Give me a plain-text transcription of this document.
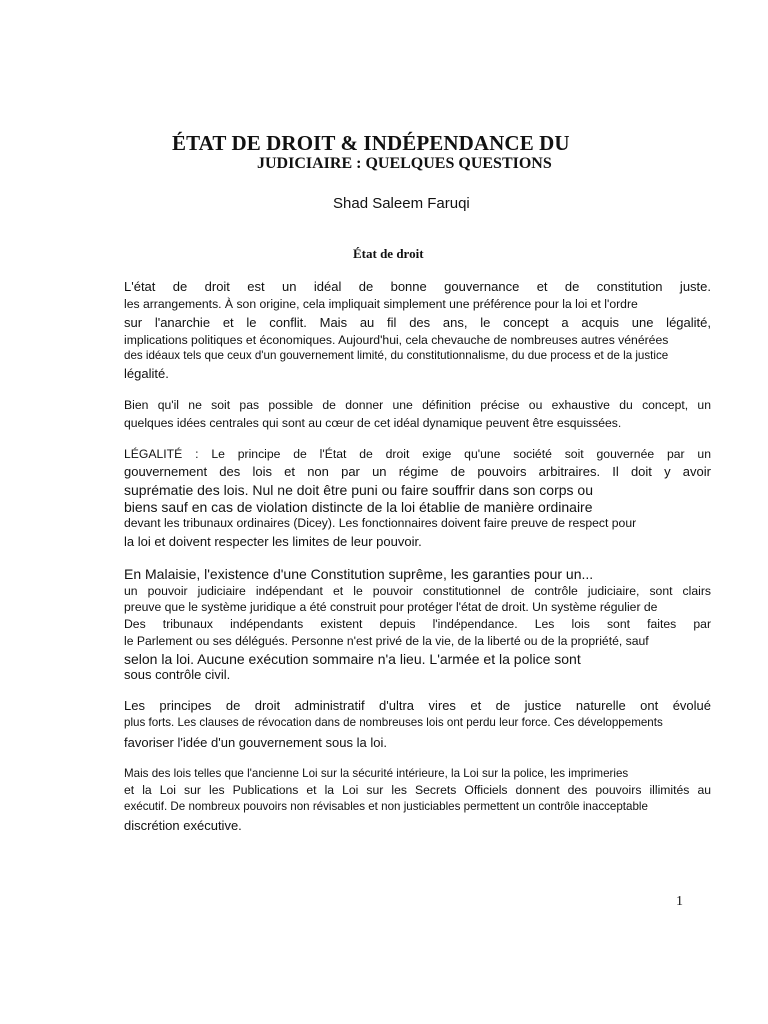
ÉTAT DE DROIT & INDÉPENDANCE DU
JUDICIAIRE : QUELQUES QUESTIONS

Shad Saleem Faruqi

État de droit

L'état de droit est un idéal de bonne gouvernance et de constitution juste.

les arrangements. À son origine, cela impliquait simplement une préférence pour la loi et l'ordre

sur l'anarchie et le conflit. Mais au fil des ans, le concept a acquis une légalité,

implications politiques et économiques. Aujourd'hui, cela chevauche de nombreuses autres vénérées

des idéaux tels que ceux d'un gouvernement limité, du constitutionnalisme, du due process et de la justice

légalité.

Bien qu'il ne soit pas possible de donner une définition précise ou exhaustive du concept, un

quelques idées centrales qui sont au cœur de cet idéal dynamique peuvent être esquissées.

LÉGALITÉ : Le principe de l'État de droit exige qu'une société soit gouvernée par un

gouvernement des lois et non par un régime de pouvoirs arbitraires. Il doit y avoir

suprématie des lois. Nul ne doit être puni ou faire souffrir dans son corps ou

biens sauf en cas de violation distincte de la loi établie de manière ordinaire

devant les tribunaux ordinaires (Dicey). Les fonctionnaires doivent faire preuve de respect pour

la loi et doivent respecter les limites de leur pouvoir.

En Malaisie, l'existence d'une Constitution suprême, les garanties pour un...

un pouvoir judiciaire indépendant et le pouvoir constitutionnel de contrôle judiciaire, sont clairs

preuve que le système juridique a été construit pour protéger l'état de droit. Un système régulier de

Des tribunaux indépendants existent depuis l'indépendance. Les lois sont faites par

le Parlement ou ses délégués. Personne n'est privé de la vie, de la liberté ou de la propriété, sauf

selon la loi. Aucune exécution sommaire n'a lieu. L'armée et la police sont

sous contrôle civil.

Les principes de droit administratif d'ultra vires et de justice naturelle ont évolué

plus forts. Les clauses de révocation dans de nombreuses lois ont perdu leur force. Ces développements

favoriser l'idée d'un gouvernement sous la loi.

Mais des lois telles que l'ancienne Loi sur la sécurité intérieure, la Loi sur la police, les imprimeries

et la Loi sur les Publications et la Loi sur les Secrets Officiels donnent des pouvoirs illimités au

exécutif. De nombreux pouvoirs non révisables et non justiciables permettent un contrôle inacceptable

discrétion exécutive.

1
